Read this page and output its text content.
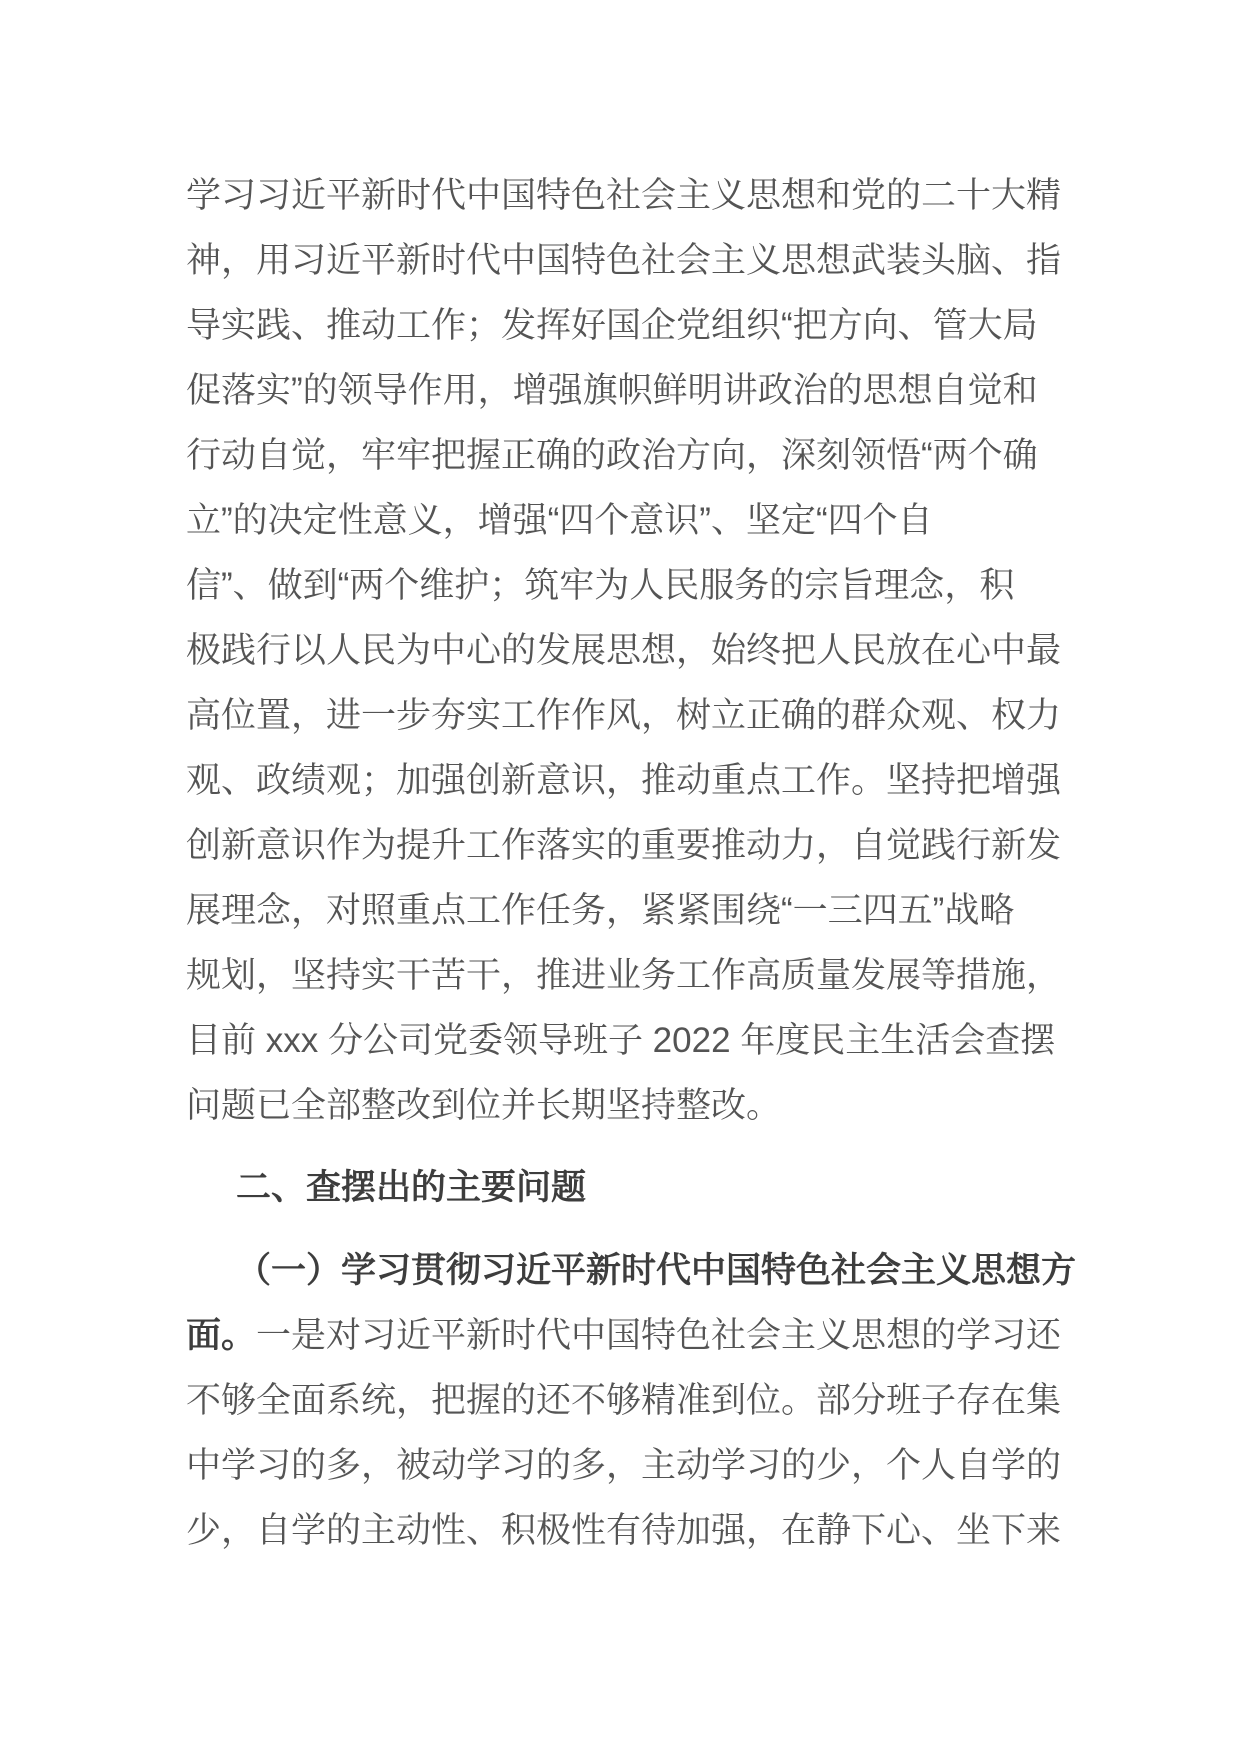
学习习近平新时代中国特色社会主义思想和党的二十大精
神，用习近平新时代中国特色社会主义思想武装头脑、指
导实践、推动工作；发挥好国企党组织“把方向、管大局
促落实”的领导作用，增强旗帜鲜明讲政治的思想自觉和
行动自觉，牢牢把握正确的政治方向，深刻领悟“两个确
立”的决定性意义，增强“四个意识”、坚定“四个自
信”、做到“两个维护；筑牢为人民服务的宗旨理念，积
极践行以人民为中心的发展思想，始终把人民放在心中最
高位置，进一步夯实工作作风，树立正确的群众观、权力
观、政绩观；加强创新意识，推动重点工作。坚持把增强
创新意识作为提升工作落实的重要推动力，自觉践行新发
展理念，对照重点工作任务，紧紧围绕“一三四五”战略
规划，坚持实干苦干，推进业务工作高质量发展等措施，
目前 xxx 分公司党委领导班子 2022 年度民主生活会查摆
问题已全部整改到位并长期坚持整改。
二、查摆出的主要问题
（一）学习贯彻习近平新时代中国特色社会主义思想方
面。一是对习近平新时代中国特色社会主义思想的学习还
不够全面系统，把握的还不够精准到位。部分班子存在集
中学习的多，被动学习的多，主动学习的少，个人自学的
少，自学的主动性、积极性有待加强，在静下心、坐下来
